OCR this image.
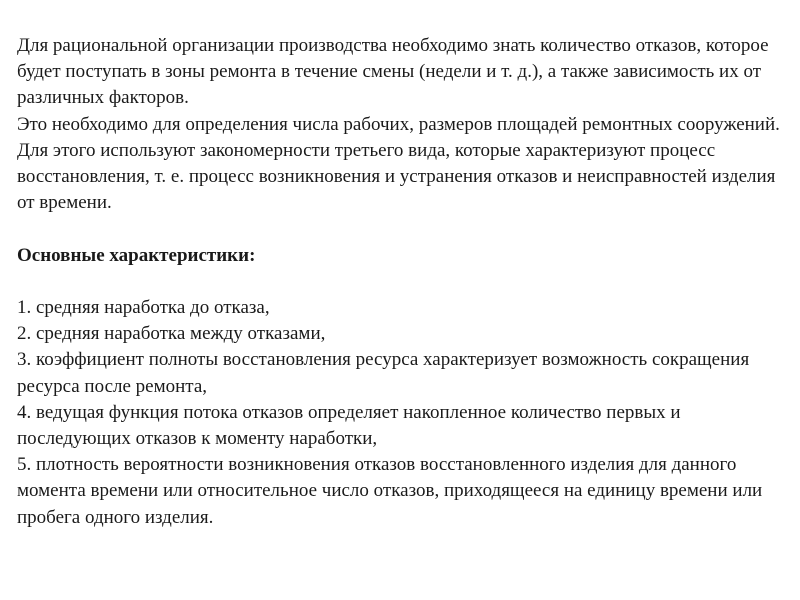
Для рациональной организации производства необходимо знать количество отказов, которое будет поступать в зоны ремонта в течение смены (недели и т. д.), а также зависимость их от различных факторов.

Это необходимо для определения числа рабочих, размеров площадей ремонтных сооружений.

Для этого используют закономерности третьего вида, которые характеризуют процесс восстановления, т. е. процесс возникновения и устранения отказов и неисправностей изделия от времени.

Основные характеристики:

1. средняя наработка до отказа,

2. средняя наработка между отказами,

3. коэффициент полноты восстановления ресурса характеризует возможность сокращения ресурса после ремонта,

4. ведущая функция потока отказов определяет накопленное количество первых и последующих отказов к моменту наработки,

5. плотность вероятности возникновения отказов восстановленного изделия для данного момента времени или относительное число отказов, приходящееся на единицу времени или пробега одного изделия.
